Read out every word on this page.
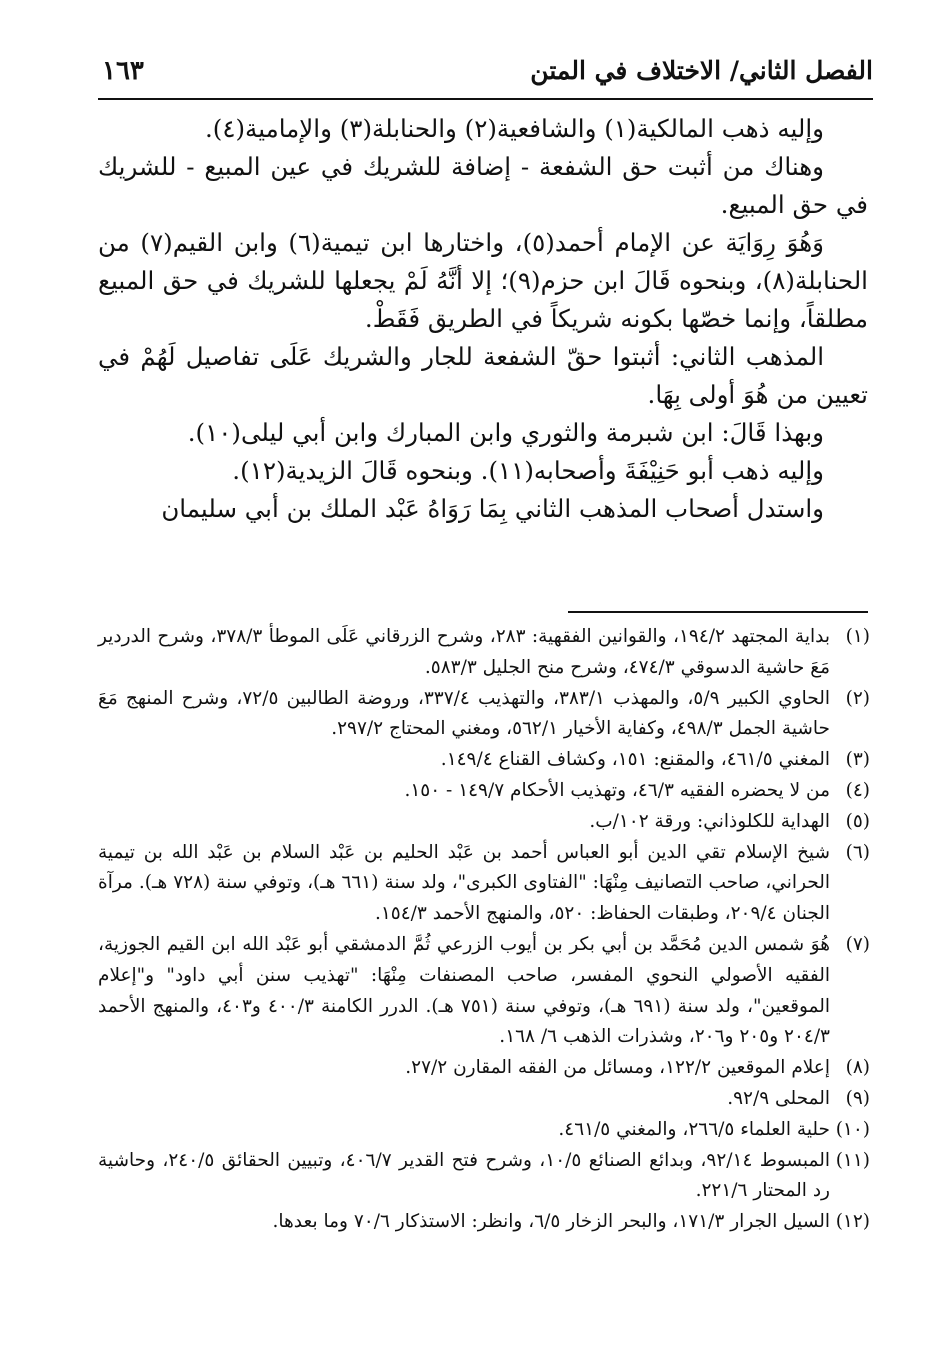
الفصل الثاني/ الاختلاف في المتن
١٦٣

وإليه ذهب المالكية(١) والشافعية(٢) والحنابلة(٣) والإمامية(٤).

وهناك من أثبت حق الشفعة - إضافة للشريك في عين المبيع - للشريك في حق المبيع.

وَهُوَ رِوَايَة عن الإمام أحمد(٥)، واختارها ابن تيمية(٦) وابن القيم(٧) من الحنابلة(٨)، وبنحوه قَالَ ابن حزم(٩)؛ إلا أنَّهُ لَمْ يجعلها للشريك في حق المبيع مطلقاً، وإنما خصّها بكونه شريكاً في الطريق فَقَطْ.

المذهب الثاني: أثبتوا حقّ الشفعة للجار والشريك عَلَى تفاصيل لَهُمْ في تعيين من هُوَ أولى بِهَا.

وبهذا قَالَ: ابن شبرمة والثوري وابن المبارك وابن أبي ليلى(١٠).

وإليه ذهب أبو حَنِيْفَةَ وأصحابه(١١). وبنحوه قَالَ الزيدية(١٢).

واستدل أصحاب المذهب الثاني بِمَا رَوَاهُ عَبْد الملك بن أبي سليمان

(١)
بداية المجتهد ١٩٤/٢، والقوانين الفقهية: ٢٨٣، وشرح الزرقاني عَلَى الموطأ ٣٧٨/٣، وشرح الدردير مَعَ حاشية الدسوقي ٤٧٤/٣، وشرح منح الجليل ٥٨٣/٣.
(٢)
الحاوي الكبير ٥/٩، والمهذب ٣٨٣/١، والتهذيب ٣٣٧/٤، وروضة الطالبين ٧٢/٥، وشرح المنهج مَعَ حاشية الجمل ٤٩٨/٣، وكفاية الأخيار ٥٦٢/١، ومغني المحتاج ٢٩٧/٢.
(٣)
المغني ٤٦١/٥، والمقنع: ١٥١، وكشاف القناع ١٤٩/٤.
(٤)
من لا يحضره الفقيه ٤٦/٣، وتهذيب الأحكام ١٤٩/٧ - ١٥٠.
(٥)
الهداية للكلوذاني: ورقة ١٠٢/ب.
(٦)
شيخ الإسلام تقي الدين أبو العباس أحمد بن عَبْد الحليم بن عَبْد السلام بن عَبْد الله بن تيمية الحراني، صاحب التصانيف مِنْهَا: "الفتاوى الكبرى"، ولد سنة (٦٦١ هـ)، وتوفي سنة (٧٢٨ هـ). مرآة الجنان ٢٠٩/٤، وطبقات الحفاظ: ٥٢٠، والمنهج الأحمد ١٥٤/٣.
(٧)
هُوَ شمس الدين مُحَمَّد بن أبي بكر بن أيوب الزرعي ثُمَّ الدمشقي أبو عَبْد الله ابن القيم الجوزية، الفقيه الأصولي النحوي المفسر، صاحب المصنفات مِنْهَا: "تهذيب سنن أبي داود" و"إعلام الموقعين"، ولد سنة (٦٩١ هـ)، وتوفي سنة (٧٥١ هـ). الدرر الكامنة ٤٠٠/٣ و٤٠٣، والمنهج الأحمد ٢٠٤/٣ و٢٠٥ و٢٠٦، وشذرات الذهب ٦/ ١٦٨.
(٨)
إعلام الموقعين ١٢٢/٢، ومسائل من الفقه المقارن ٢٧/٢.
(٩)
المحلى ٩٢/٩.
(١٠)
حلية العلماء ٢٦٦/٥، والمغني ٤٦١/٥.
(١١)
المبسوط ٩٢/١٤، وبدائع الصنائع ١٠/٥، وشرح فتح القدير ٤٠٦/٧، وتبيين الحقائق ٢٤٠/٥، وحاشية رد المحتار ٢٢١/٦.
(١٢)
السيل الجرار ١٧١/٣، والبحر الزخار ٦/٥، وانظر: الاستذكار ٧٠/٦ وما بعدها.
